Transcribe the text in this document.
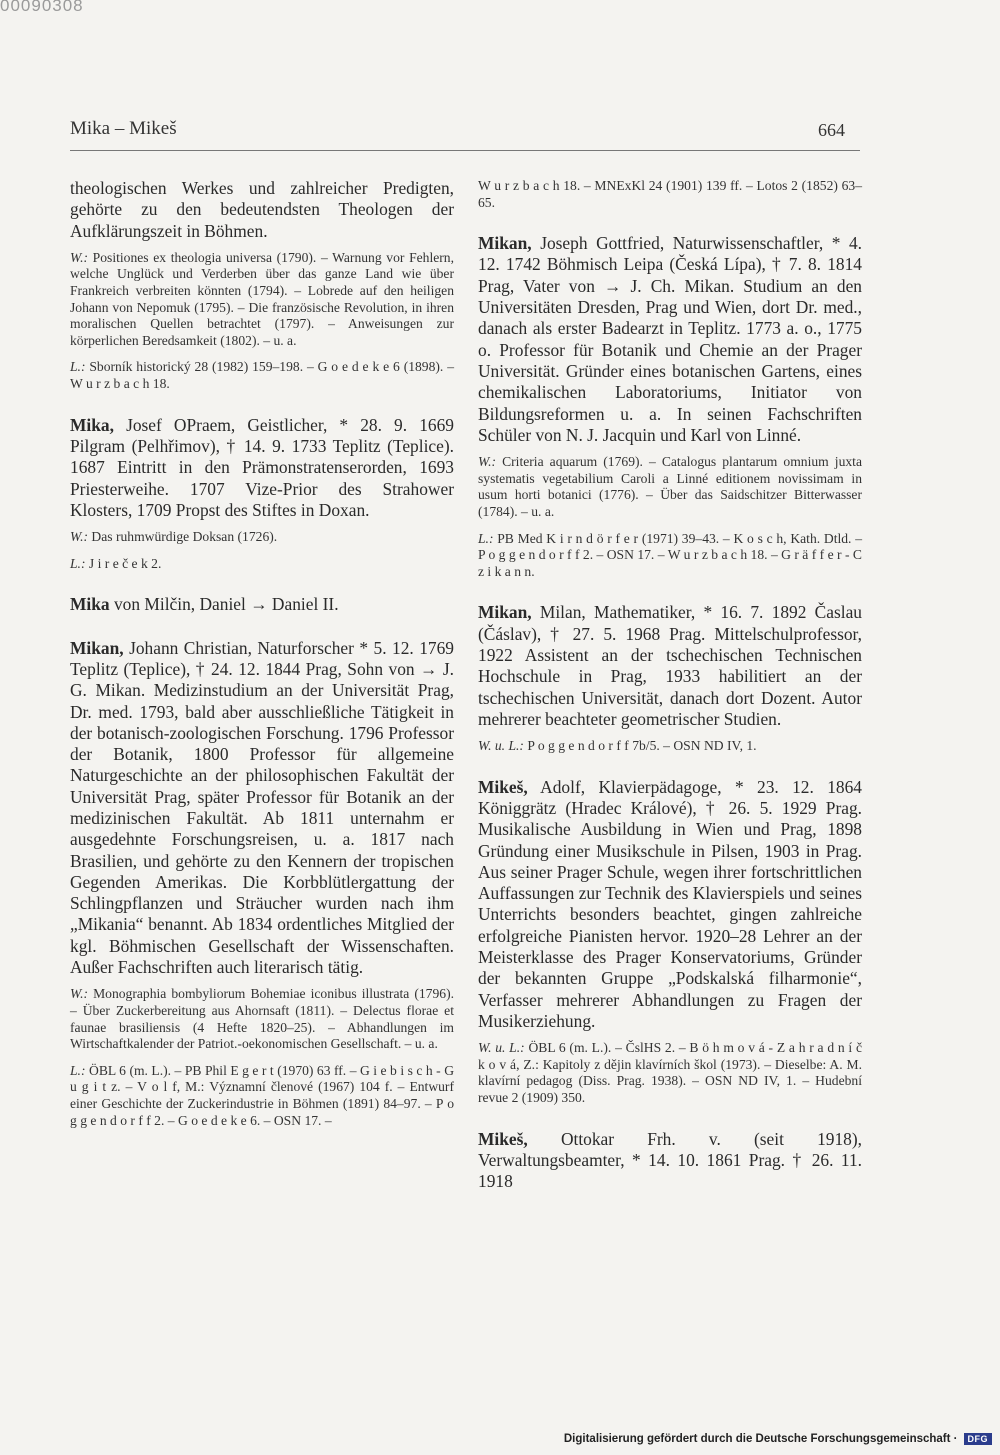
00090308
Mika – Mikeš	664

theologischen Werkes und zahlreicher Predigten, gehörte zu den bedeutendsten Theologen der Aufklärungszeit in Böhmen.

W.: Positiones ex theologia universa (1790). – Warnung vor Fehlern, welche Unglück und Verderben über das ganze Land wie über Frankreich verbreiten könnten (1794). – Lobrede auf den heiligen Johann von Nepomuk (1795). – Die französische Revolution, in ihren moralischen Quellen betrachtet (1797). – Anweisungen zur körperlichen Beredsamkeit (1802). – u. a.

L.: Sborník historický 28 (1982) 159–198. – G o e d e k e 6 (1898). – W u r z b a c h 18.

Mika, Josef OPraem, Geistlicher, * 28. 9. 1669 Pilgram (Pelhřimov), † 14. 9. 1733 Teplitz (Teplice). 1687 Eintritt in den Prämonstratenserorden, 1693 Priesterweihe. 1707 Vize-Prior des Strahower Klosters, 1709 Propst des Stiftes in Doxan.

W.: Das ruhmwürdige Doksan (1726).

L.: J i r e č e k 2.

Mika von Milčin, Daniel → Daniel II.

Mikan, Johann Christian, Naturforscher * 5. 12. 1769 Teplitz (Teplice), † 24. 12. 1844 Prag, Sohn von → J. G. Mikan. Medizinstudium an der Universität Prag, Dr. med. 1793, bald aber ausschließliche Tätigkeit in der botanisch-zoologischen Forschung. 1796 Professor der Botanik, 1800 Professor für allgemeine Naturgeschichte an der philosophischen Fakultät der Universität Prag, später Professor für Botanik an der medizinischen Fakultät. Ab 1811 unternahm er ausgedehnte Forschungsreisen, u. a. 1817 nach Brasilien, und gehörte zu den Kennern der tropischen Gegenden Amerikas. Die Korbblütlergattung der Schlingpflanzen und Sträucher wurden nach ihm „Mikania“ benannt. Ab 1834 ordentliches Mitglied der kgl. Böhmischen Gesellschaft der Wissenschaften. Außer Fachschriften auch literarisch tätig.

W.: Monographia bombyliorum Bohemiae iconibus illustrata (1796). – Über Zuckerbereitung aus Ahornsaft (1811). – Delectus florae et faunae brasiliensis (4 Hefte 1820–25). – Abhandlungen im Wirtschaftkalender der Patriot.-oekonomischen Gesellschaft. – u. a.

L.: ÖBL 6 (m. L.). – PB Phil E g e r t (1970) 63 ff. – G i e b i s c h - G u g i t z. – V o l f, M.: Významní členové (1967) 104 f. – Entwurf einer Geschichte der Zuckerindustrie in Böhmen (1891) 84–97. – P o g g e n d o r f f 2. – G o e d e k e 6. – OSN 17. –

W u r z b a c h 18. – MNExKl 24 (1901) 139 ff. – Lotos 2 (1852) 63–65.

Mikan, Joseph Gottfried, Naturwissenschaftler, * 4. 12. 1742 Böhmisch Leipa (Česká Lípa), † 7. 8. 1814 Prag, Vater von → J. Ch. Mikan. Studium an den Universitäten Dresden, Prag und Wien, dort Dr. med., danach als erster Badearzt in Teplitz. 1773 a. o., 1775 o. Professor für Botanik und Chemie an der Prager Universität. Gründer eines botanischen Gartens, eines chemikalischen Laboratoriums, Initiator von Bildungsreformen u. a. In seinen Fachschriften Schüler von N. J. Jacquin und Karl von Linné.

W.: Criteria aquarum (1769). – Catalogus plantarum omnium juxta systematis vegetabilium Caroli a Linné editionem novissimam in usum horti botanici (1776). – Über das Saidschitzer Bitterwasser (1784). – u. a.

L.: PB Med K i r n d ö r f e r (1971) 39–43. – K o s c h, Kath. Dtld. – P o g g e n d o r f f 2. – OSN 17. – W u r z b a c h 18. – G r ä f f e r - C z i k a n n.

Mikan, Milan, Mathematiker, * 16. 7. 1892 Časlau (Čáslav), † 27. 5. 1968 Prag. Mittelschulprofessor, 1922 Assistent an der tschechischen Technischen Hochschule in Prag, 1933 habilitiert an der tschechischen Universität, danach dort Dozent. Autor mehrerer beachteter geometrischer Studien.

W. u. L.: P o g g e n d o r f f 7b/5. – OSN ND IV, 1.

Mikeš, Adolf, Klavierpädagoge, * 23. 12. 1864 Königgrätz (Hradec Králové), † 26. 5. 1929 Prag. Musikalische Ausbildung in Wien und Prag, 1898 Gründung einer Musikschule in Pilsen, 1903 in Prag. Aus seiner Prager Schule, wegen ihrer fortschrittlichen Auffassungen zur Technik des Klavierspiels und seines Unterrichts besonders beachtet, gingen zahlreiche erfolgreiche Pianisten hervor. 1920–28 Lehrer an der Meisterklasse des Prager Konservatoriums, Gründer der bekannten Gruppe „Podskalská filharmonie“, Verfasser mehrerer Abhandlungen zu Fragen der Musikerziehung.

W. u. L.: ÖBL 6 (m. L.). – ČslHS 2. – B ö h m o v á - Z a h r a d n í č k o v á, Z.: Kapitoly z dějin klavírních škol (1973). – Dieselbe: A. M. klavírní pedagog (Diss. Prag. 1938). – OSN ND IV, 1. – Hudební revue 2 (1909) 350.

Mikeš, Ottokar Frh. v. (seit 1918), Verwaltungsbeamter, * 14. 10. 1861 Prag. † 26. 11. 1918

Digitalisierung gefördert durch die Deutsche Forschungsgemeinschaft ·	DFG
